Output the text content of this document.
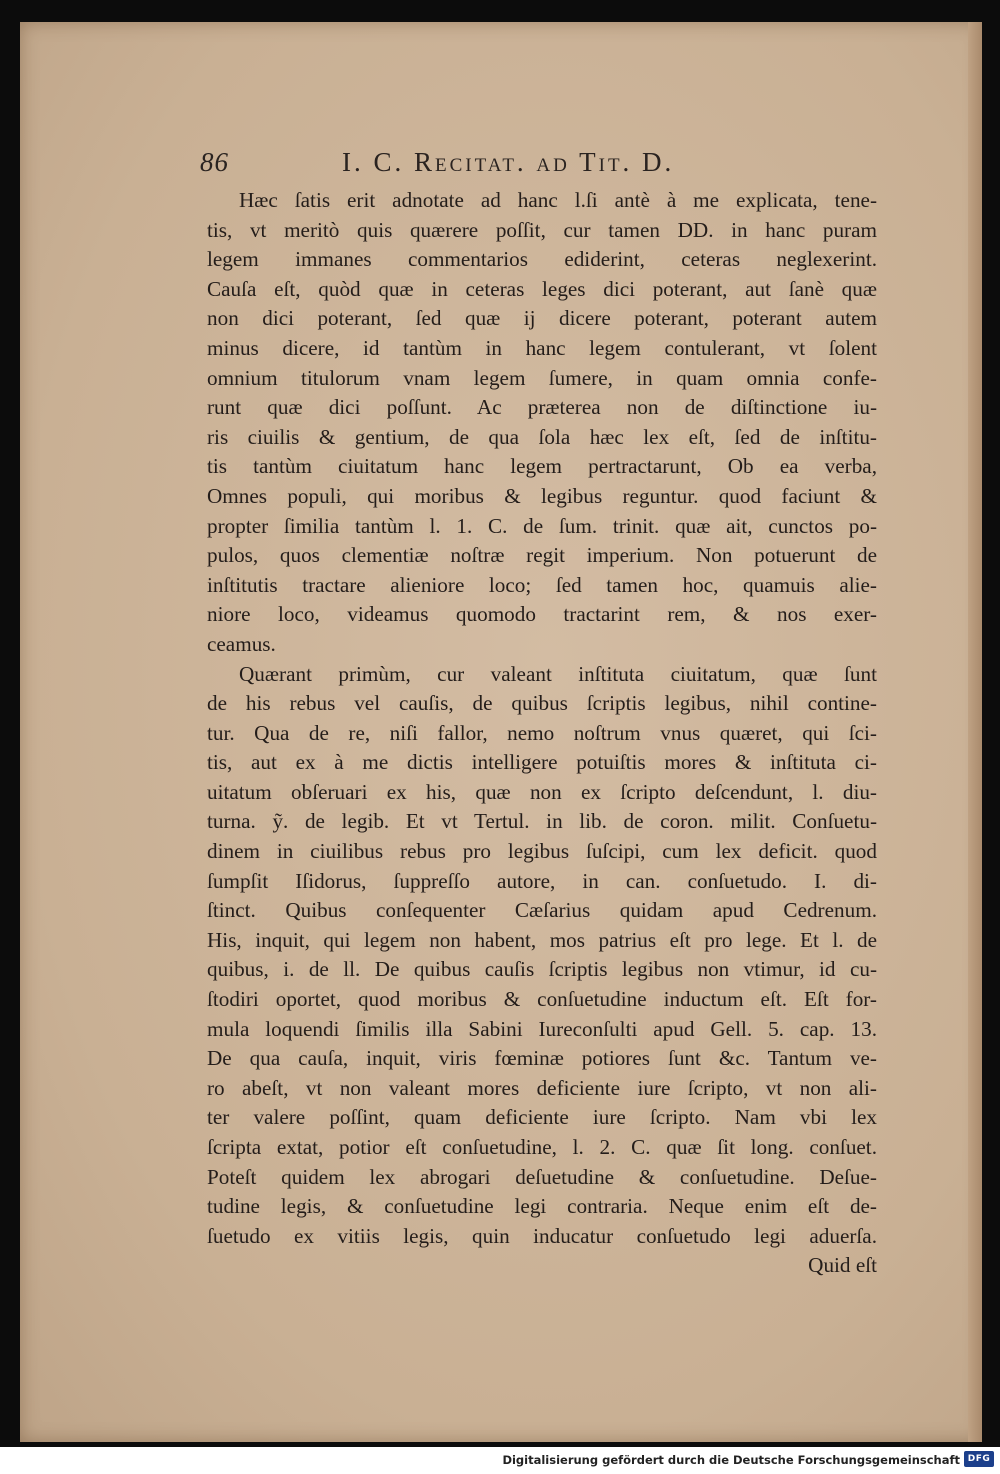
86	I. C. Recitat. ad Tit. D.
Hæc ſatis erit adnotate ad hanc l.ſi antè à me explicata, tene-
tis, vt meritò quis quærere poſſit, cur tamen DD. in hanc puram
legem immanes commentarios ediderint, ceteras neglexerint.
Cauſa eſt, quòd quæ in ceteras leges dici poterant, aut ſanè quæ
non dici poterant, ſed quæ ij dicere poterant, poterant autem
minus dicere, id tantùm in hanc legem contulerant, vt ſolent
omnium titulorum vnam legem ſumere, in quam omnia confe-
runt quæ dici poſſunt. Ac præterea non de diſtinctione iu-
ris ciuilis & gentium, de qua ſola hæc lex eſt, ſed de inſtitu-
tis tantùm ciuitatum hanc legem pertractarunt, Ob ea verba,
Omnes populi, qui moribus & legibus reguntur. quod faciunt &
propter ſimilia tantùm l. 1. C. de ſum. trinit. quæ ait, cunctos po-
pulos, quos clementiæ noſtræ regit imperium. Non potuerunt de
inſtitutis tractare alieniore loco; ſed tamen hoc, quamuis alie-
niore loco, videamus quomodo tractarint rem, & nos exer-
ceamus.
Quærant primùm, cur valeant inſtituta ciuitatum, quæ ſunt
de his rebus vel cauſis, de quibus ſcriptis legibus, nihil contine-
tur. Qua de re, niſi fallor, nemo noſtrum vnus quæret, qui ſci-
tis, aut ex à me dictis intelligere potuiſtis mores & inſtituta ci-
uitatum obſeruari ex his, quæ non ex ſcripto deſcendunt, l. diu-
turna. ỹ. de legib. Et vt Tertul. in lib. de coron. milit. Conſuetu-
dinem in ciuilibus rebus pro legibus ſuſcipi, cum lex deficit. quod
ſumpſit Iſidorus, ſuppreſſo autore, in can. conſuetudo. I. di-
ſtinct. Quibus conſequenter Cæſarius quidam apud Cedrenum.
His, inquit, qui legem non habent, mos patrius eſt pro lege. Et l. de
quibus, i. de ll. De quibus cauſis ſcriptis legibus non vtimur, id cu-
ſtodiri oportet, quod moribus & conſuetudine inductum eſt. Eſt for-
mula loquendi ſimilis illa Sabini Iureconſulti apud Gell. 5. cap. 13.
De qua cauſa, inquit, viris fœminæ potiores ſunt &c. Tantum ve-
ro abeſt, vt non valeant mores deficiente iure ſcripto, vt non ali-
ter valere poſſint, quam deficiente iure ſcripto. Nam vbi lex
ſcripta extat, potior eſt conſuetudine, l. 2. C. quæ ſit long. conſuet.
Poteſt quidem lex abrogari deſuetudine & conſuetudine. Deſue-
tudine legis, & conſuetudine legi contraria. Neque enim eſt de-
ſuetudo ex vitiis legis, quin inducatur conſuetudo legi aduerſa.
Quid eſt
Digitalisierung gefördert durch die Deutsche Forschungsgemeinschaft DFG
